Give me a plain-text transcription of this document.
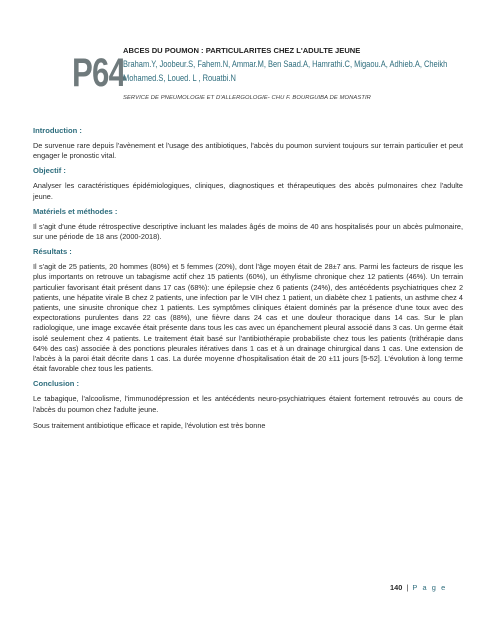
P64

ABCES DU POUMON : PARTICULARITES CHEZ L'ADULTE JEUNE

Braham.Y, Joobeur.S, Fahem.N, Ammar.M, Ben Saad.A, Hamrathi.C, Migaou.A, Adhieb.A, Cheikh Mohamed.S, Loued. L , Rouatbi.N

SERVICE DE PNEUMOLOGIE ET D'ALLERGOLOGIE- CHU F. BOURGUIBA DE MONASTIR

Introduction :

De survenue rare depuis l'avènement et l'usage des antibiotiques, l'abcès du poumon survient toujours sur terrain particulier et peut engager le pronostic vital.

Objectif :

Analyser les caractéristiques épidémiologiques, cliniques, diagnostiques et thérapeutiques des abcès pulmonaires chez l'adulte jeune.

Matériels et méthodes :

Il s'agit d'une étude rétrospective descriptive incluant les malades âgés de moins de 40 ans hospitalisés pour un abcès pulmonaire, sur une période de 18 ans (2000-2018).

Résultats :

Il s'agit de 25 patients, 20 hommes (80%) et 5 femmes (20%), dont l'âge moyen était de 28±7 ans. Parmi les facteurs de risque les plus importants on retrouve un tabagisme actif chez 15 patients (60%), un éthylisme chronique chez 12 patients (46%). Un terrain particulier favorisant était présent dans 17 cas (68%): une épilepsie chez 6 patients (24%), des antécédents psychiatriques chez 2 patients, une hépatite virale B chez 2 patients, une infection par le VIH chez 1 patient, un diabète chez 1 patients, un asthme chez 4 patients, une sinusite chronique chez 1 patients. Les symptômes cliniques étaient dominés par la présence d'une toux avec des expectorations purulentes dans 22 cas (88%), une fièvre dans 24 cas et une douleur thoracique dans 14 cas. Sur le plan radiologique, une image excavée était présente dans tous les cas avec un épanchement pleural associé dans 3 cas. Un germe était isolé seulement chez 4 patients. Le traitement était basé sur l'antibiothérapie probabiliste chez tous les patients (trithérapie dans 64% des cas) associée à des ponctions pleurales itératives dans 1 cas et à un drainage chirurgical dans 1 cas. Une extension de l'abcès à la paroi était décrite dans 1 cas. La durée moyenne d'hospitalisation était de 20 ±11 jours [5-52]. L'évolution à long terme était favorable chez tous les patients.

Conclusion :

Le tabagique, l'alcoolisme, l'immunodépression et les antécédents neuro-psychiatriques étaient fortement retrouvés au cours de l'abcès du poumon chez l'adulte jeune.

Sous traitement antibiotique efficace et rapide, l'évolution est très bonne

140 | P a g e
